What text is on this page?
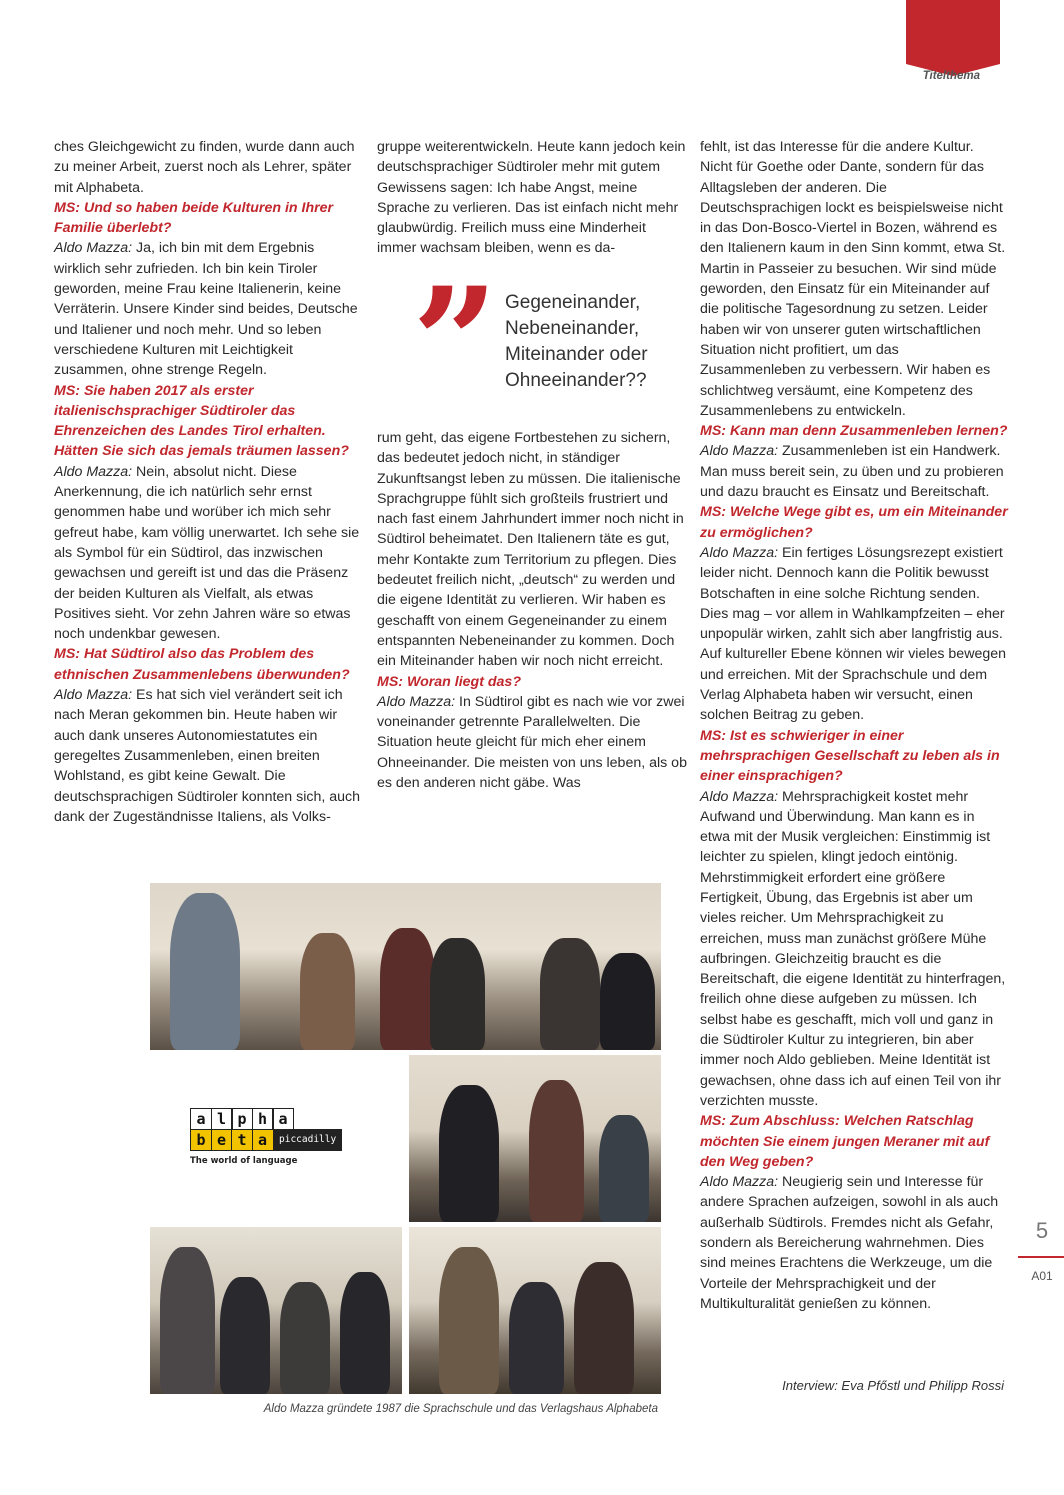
Titelthema

ches Gleichgewicht zu finden, wurde dann auch zu meiner Arbeit, zuerst noch als Lehrer, später mit Alphabeta.

MS: Und so haben beide Kulturen in Ihrer Familie überlebt?

Aldo Mazza: Ja, ich bin mit dem Ergebnis wirklich sehr zufrieden. Ich bin kein Tiroler geworden, meine Frau keine Italienerin, keine Verräterin. Unsere Kinder sind beides, Deutsche und Italiener und noch mehr. Und so leben verschiedene Kulturen mit Leichtigkeit zusammen, ohne strenge Regeln.

MS: Sie haben 2017 als erster italienischsprachiger Südtiroler das Ehrenzeichen des Landes Tirol erhalten. Hätten Sie sich das jemals träumen lassen?

Aldo Mazza: Nein, absolut nicht. Diese Anerkennung, die ich natürlich sehr ernst genommen habe und worüber ich mich sehr gefreut habe, kam völlig unerwartet. Ich sehe sie als Symbol für ein Südtirol, das inzwischen gewachsen und gereift ist und das die Präsenz der beiden Kulturen als Vielfalt, als etwas Positives sieht. Vor zehn Jahren wäre so etwas noch undenkbar gewesen.

MS: Hat Südtirol also das Problem des ethnischen Zusammenlebens überwunden?

Aldo Mazza: Es hat sich viel verändert seit ich nach Meran gekommen bin. Heute haben wir auch dank unseres Autonomiestatutes ein geregeltes Zusammenleben, einen breiten Wohlstand, es gibt keine Gewalt. Die deutschsprachigen Südtiroler konnten sich, auch dank der Zugeständnisse Italiens, als Volks-

gruppe weiterentwickeln. Heute kann jedoch kein deutschsprachiger Südtiroler mehr mit gutem Gewissens sagen: Ich habe Angst, meine Sprache zu verlieren. Das ist einfach nicht mehr glaubwürdig. Freilich muss eine Minderheit immer wachsam bleiben, wenn es da-

” Gegeneinander, Nebeneinander, Miteinander oder Ohneeinander??

rum geht, das eigene Fortbestehen zu sichern, das bedeutet jedoch nicht, in ständiger Zukunftsangst leben zu müssen. Die italienische Sprachgruppe fühlt sich großteils frustriert und nach fast einem Jahrhundert immer noch nicht in Südtirol beheimatet. Den Italienern täte es gut, mehr Kontakte zum Territorium zu pflegen. Dies bedeutet freilich nicht, „deutsch“ zu werden und die eigene Identität zu verlieren. Wir haben es geschafft von einem Gegeneinander zu einem entspannten Nebeneinander zu kommen. Doch ein Miteinander haben wir noch nicht erreicht.

MS: Woran liegt das?

Aldo Mazza: In Südtirol gibt es nach wie vor zwei voneinander getrennte Parallelwelten. Die Situation heute gleicht für mich eher einem Ohneeinander. Die meisten von uns leben, als ob es den anderen nicht gäbe. Was

fehlt, ist das Interesse für die andere Kultur. Nicht für Goethe oder Dante, sondern für das Alltagsleben der anderen. Die Deutschsprachigen lockt es beispielsweise nicht in das Don-Bosco-Viertel in Bozen, während es den Italienern kaum in den Sinn kommt, etwa St. Martin in Passeier zu besuchen. Wir sind müde geworden, den Einsatz für ein Miteinander auf die politische Tagesordnung zu setzen. Leider haben wir von unserer guten wirtschaftlichen Situation nicht profitiert, um das Zusammenleben zu verbessern. Wir haben es schlichtweg versäumt, eine Kompetenz des Zusammenlebens zu entwickeln.

MS: Kann man denn Zusammenleben lernen?

Aldo Mazza: Zusammenleben ist ein Handwerk. Man muss bereit sein, zu üben und zu probieren und dazu braucht es Einsatz und Bereitschaft.

MS: Welche Wege gibt es, um ein Miteinander zu ermöglichen?

Aldo Mazza: Ein fertiges Lösungsrezept existiert leider nicht. Dennoch kann die Politik bewusst Botschaften in eine solche Richtung senden. Dies mag – vor allem in Wahlkampfzeiten – eher unpopulär wirken, zahlt sich aber langfristig aus. Auf kultureller Ebene können wir vieles bewegen und erreichen. Mit der Sprachschule und dem Verlag Alphabeta haben wir versucht, einen solchen Beitrag zu geben.

MS: Ist es schwieriger in einer mehrsprachigen Gesellschaft zu leben als in einer einsprachigen?

Aldo Mazza: Mehrsprachigkeit kostet mehr Aufwand und Überwindung. Man kann es in etwa mit der Musik vergleichen: Einstimmig ist leichter zu spielen, klingt jedoch eintönig. Mehrstimmigkeit erfordert eine größere Fertigkeit, Übung, das Ergebnis ist aber um vieles reicher. Um Mehrsprachigkeit zu erreichen, muss man zunächst größere Mühe aufbringen. Gleichzeitig braucht es die Bereitschaft, die eigene Identität zu hinterfragen, freilich ohne diese aufgeben zu müssen. Ich selbst habe es geschafft, mich voll und ganz in die Südtiroler Kultur zu integrieren, bin aber immer noch Aldo geblieben. Meine Identität ist gewachsen, ohne dass ich auf einen Teil von ihr verzichten musste.

MS: Zum Abschluss: Welchen Ratschlag möchten Sie einem jungen Meraner mit auf den Weg geben?

Aldo Mazza: Neugierig sein und Interesse für andere Sprachen aufzeigen, sowohl in als auch außerhalb Südtirols. Fremdes nicht als Gefahr, sondern als Bereicherung wahrnehmen. Dies sind meines Erachtens die Werkzeuge, um die Vorteile der Mehrsprachigkeit und der Multikulturalität genießen zu können.

a l p h a
b e t a	piccadilly
The world of language
Aldo Mazza gründete 1987 die Sprachschule und das Verlagshaus Alphabeta
Interview: Eva Pfőstl und Philipp Rossi
5
A01
